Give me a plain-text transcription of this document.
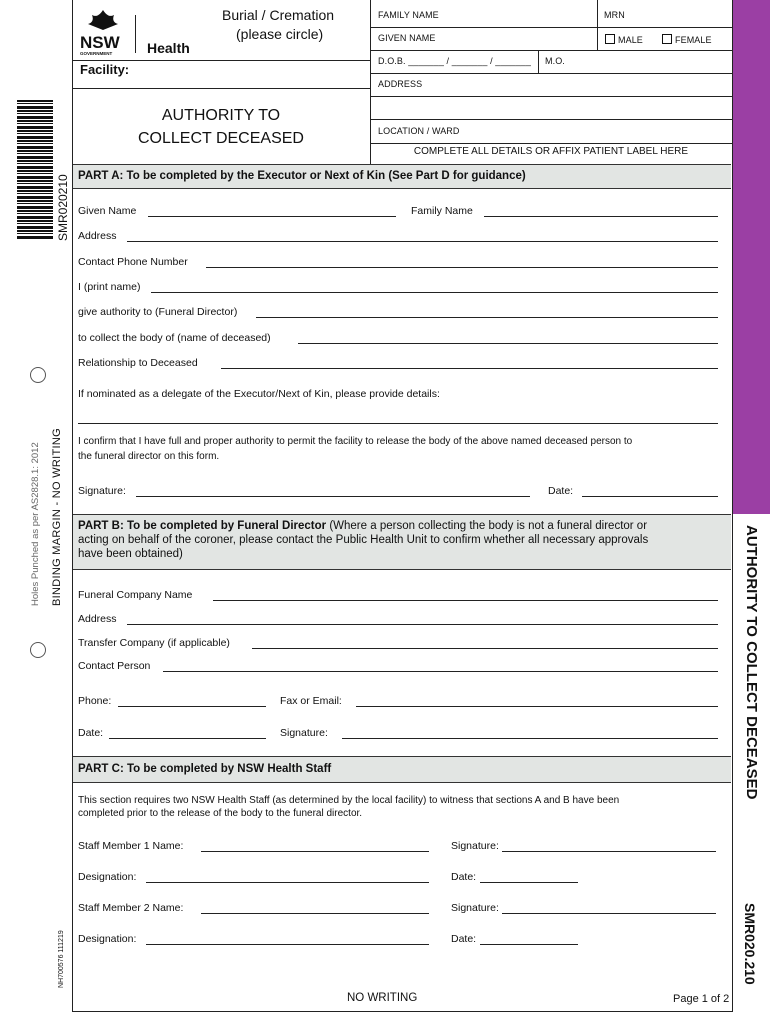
SMR020210
BINDING MARGIN - NO WRITING
Holes Punched as per AS2828.1: 2012
NH700576 111219
AUTHORITY TO COLLECT DECEASED
SMR020.210
NSW
GOVERNMENT	Health
Burial / Cremation
(please circle)
Facility:
AUTHORITY TO
COLLECT DECEASED
FAMILY NAME	MRN
GIVEN NAME	MALE	FEMALE
D.O.B. _______ / _______ / _______ M.O.
ADDRESS
LOCATION / WARD
COMPLETE ALL DETAILS OR AFFIX PATIENT LABEL HERE
PART A: To be completed by the Executor or Next of Kin (See Part D for guidance)
Given Name	Family Name
Address
Contact Phone Number
I (print name)
give authority to (Funeral Director)
to collect the body of (name of deceased)
Relationship to Deceased
If nominated as a delegate of the Executor/Next of Kin, please provide details:
I confirm that I have full and proper authority to permit the facility to release the body of the above named deceased person to
the funeral director on this form.
Signature:	Date:
PART B: To be completed by Funeral Director (Where a person collecting the body is not a funeral director or
acting on behalf of the coroner, please contact the Public Health Unit to confirm whether all necessary approvals
have been obtained)
Funeral Company Name
Address
Transfer Company (if applicable)
Contact Person
Phone:	Fax or Email:
Date:	Signature:
PART C: To be completed by NSW Health Staff
This section requires two NSW Health Staff (as determined by the local facility) to witness that sections A and B have been
completed prior to the release of the body to the funeral director.
Staff Member 1 Name:	Signature:
Designation:	Date:
Staff Member 2 Name:	Signature:
Designation:	Date:
NO WRITING	Page 1 of 2
